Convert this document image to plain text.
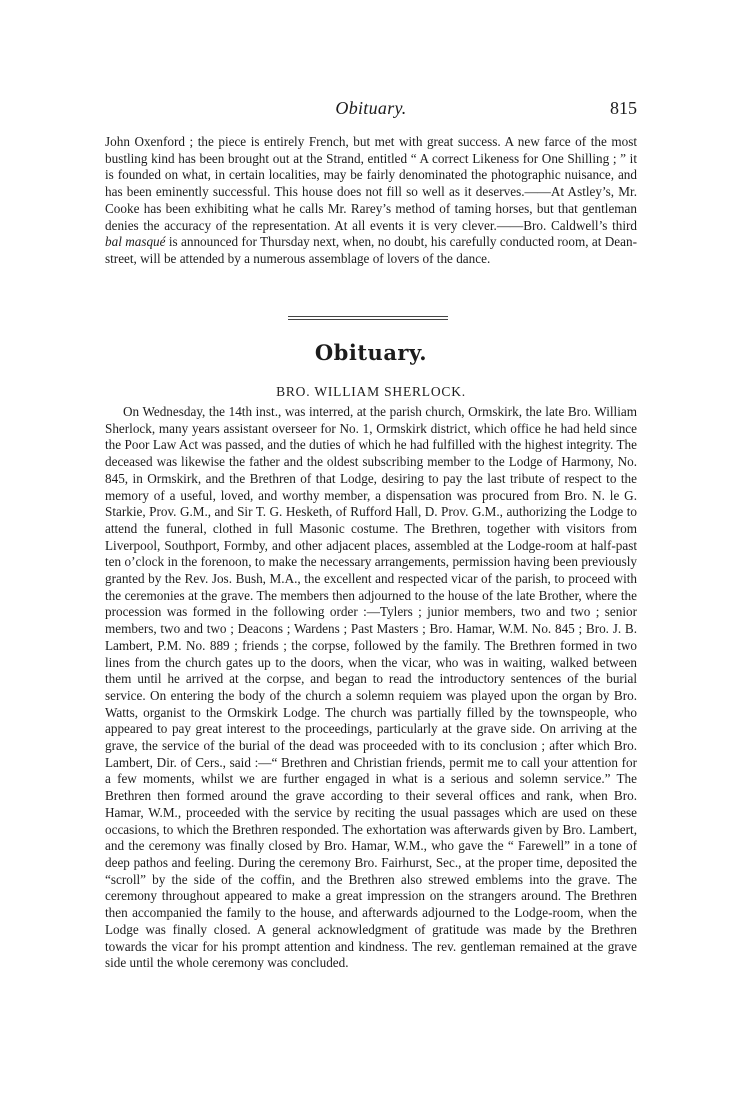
Obituary.	815

John Oxenford ; the piece is entirely French, but met with great success. A new farce of the most bustling kind has been brought out at the Strand, entitled “ A correct Likeness for One Shilling ; ” it is founded on what, in certain localities, may be fairly denominated the photographic nuisance, and has been eminently successful. This house does not fill so well as it deserves.——At Astley’s, Mr. Cooke has been exhibiting what he calls Mr. Rarey’s method of taming horses, but that gentleman denies the accuracy of the representation. At all events it is very clever.——Bro. Caldwell’s third bal masqué is announced for Thursday next, when, no doubt, his carefully conducted room, at Dean-street, will be attended by a numerous assemblage of lovers of the dance.

Obituary.
BRO. WILLIAM SHERLOCK.

On Wednesday, the 14th inst., was interred, at the parish church, Ormskirk, the late Bro. William Sherlock, many years assistant overseer for No. 1, Ormskirk district, which office he had held since the Poor Law Act was passed, and the duties of which he had fulfilled with the highest integrity. The deceased was likewise the father and the oldest subscribing member to the Lodge of Harmony, No. 845, in Ormskirk, and the Brethren of that Lodge, desiring to pay the last tribute of respect to the memory of a useful, loved, and worthy member, a dispensation was procured from Bro. N. le G. Starkie, Prov. G.M., and Sir T. G. Hesketh, of Rufford Hall, D. Prov. G.M., authorizing the Lodge to attend the funeral, clothed in full Masonic costume. The Brethren, together with visitors from Liverpool, Southport, Formby, and other adjacent places, assembled at the Lodge-room at half-past ten o’clock in the forenoon, to make the necessary arrangements, permission having been previously granted by the Rev. Jos. Bush, M.A., the excellent and respected vicar of the parish, to proceed with the ceremonies at the grave. The members then adjourned to the house of the late Brother, where the procession was formed in the following order :—Tylers ; junior members, two and two ; senior members, two and two ; Deacons ; Wardens ; Past Masters ; Bro. Hamar, W.M. No. 845 ; Bro. J. B. Lambert, P.M. No. 889 ; friends ; the corpse, followed by the family. The Brethren formed in two lines from the church gates up to the doors, when the vicar, who was in waiting, walked between them until he arrived at the corpse, and began to read the introductory sentences of the burial service. On entering the body of the church a solemn requiem was played upon the organ by Bro. Watts, organist to the Ormskirk Lodge. The church was partially filled by the townspeople, who appeared to pay great interest to the proceedings, particularly at the grave side. On arriving at the grave, the service of the burial of the dead was proceeded with to its conclusion ; after which Bro. Lambert, Dir. of Cers., said :—“ Brethren and Christian friends, permit me to call your attention for a few moments, whilst we are further engaged in what is a serious and solemn service.” The Brethren then formed around the grave according to their several offices and rank, when Bro. Hamar, W.M., proceeded with the service by reciting the usual passages which are used on these occasions, to which the Brethren responded. The exhortation was afterwards given by Bro. Lambert, and the ceremony was finally closed by Bro. Hamar, W.M., who gave the “ Farewell” in a tone of deep pathos and feeling. During the ceremony Bro. Fairhurst, Sec., at the proper time, deposited the “scroll” by the side of the coffin, and the Brethren also strewed emblems into the grave. The ceremony throughout appeared to make a great impression on the strangers around. The Brethren then accompanied the family to the house, and afterwards adjourned to the Lodge-room, when the Lodge was finally closed. A general acknowledgment of gratitude was made by the Brethren towards the vicar for his prompt attention and kindness. The rev. gentleman remained at the grave side until the whole ceremony was concluded.
